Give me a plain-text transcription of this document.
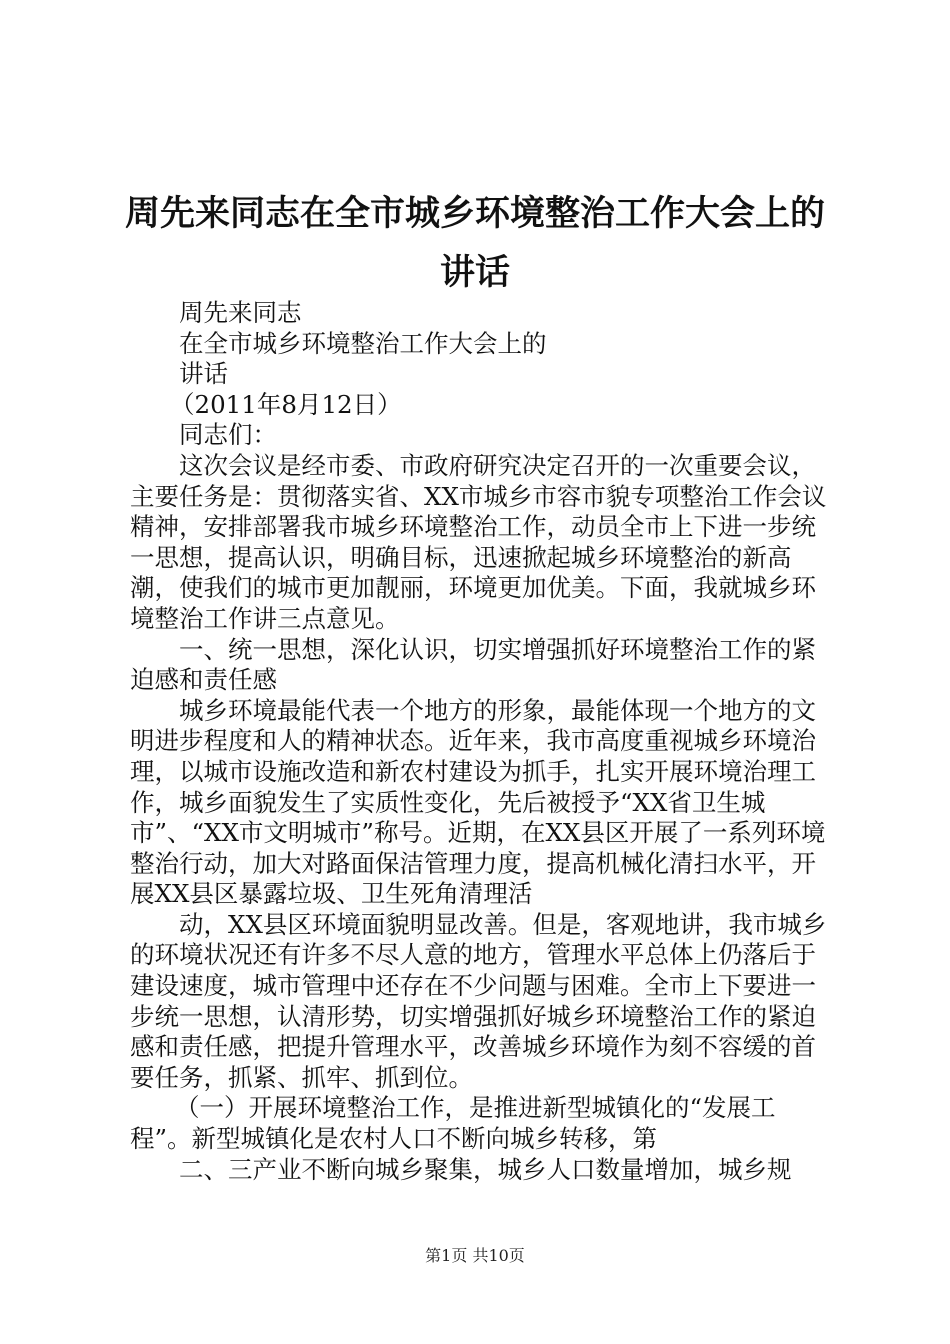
周先来同志在全市城乡环境整治工作大会上的
讲话

周先来同志

在全市城乡环境整治工作大会上的

讲话

（2011年8月12日）

同志们：

这次会议是经市委、市政府研究决定召开的一次重要会议，主要任务是：贯彻落实省、XX市城乡市容市貌专项整治工作会议精神，安排部署我市城乡环境整治工作，动员全市上下进一步统一思想，提高认识，明确目标，迅速掀起城乡环境整治的新高潮，使我们的城市更加靓丽，环境更加优美。下面，我就城乡环境整治工作讲三点意见。

一、统一思想，深化认识，切实增强抓好环境整治工作的紧迫感和责任感

城乡环境最能代表一个地方的形象，最能体现一个地方的文明进步程度和人的精神状态。近年来，我市高度重视城乡环境治理，以城市设施改造和新农村建设为抓手，扎实开展环境治理工作，城乡面貌发生了实质性变化，先后被授予“XX省卫生城市”、“XX市文明城市”称号。近期，在XX县区开展了一系列环境整治行动，加大对路面保洁管理力度，提高机械化清扫水平，开展XX县区暴露垃圾、卫生死角清理活

动，XX县区环境面貌明显改善。但是，客观地讲，我市城乡的环境状况还有许多不尽人意的地方，管理水平总体上仍落后于建设速度，城市管理中还存在不少问题与困难。全市上下要进一步统一思想，认清形势，切实增强抓好城乡环境整治工作的紧迫感和责任感，把提升管理水平，改善城乡环境作为刻不容缓的首要任务，抓紧、抓牢、抓到位。

（一）开展环境整治工作，是推进新型城镇化的“发展工程”。新型城镇化是农村人口不断向城乡转移，第

二、三产业不断向城乡聚集，城乡人口数量增加，城乡规

第1页 共10页
